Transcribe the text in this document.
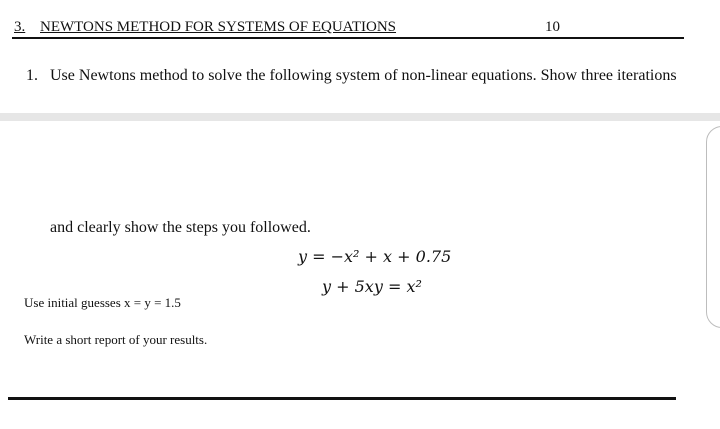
3. NEWTONS METHOD FOR SYSTEMS OF EQUATIONS	10
1. Use Newtons method to solve the following system of non-linear equations. Show three iterations
and clearly show the steps you followed.
y = −x² + x + 0.75
y + 5xy = x²
Use initial guesses x = y = 1.5
Write a short report of your results.
